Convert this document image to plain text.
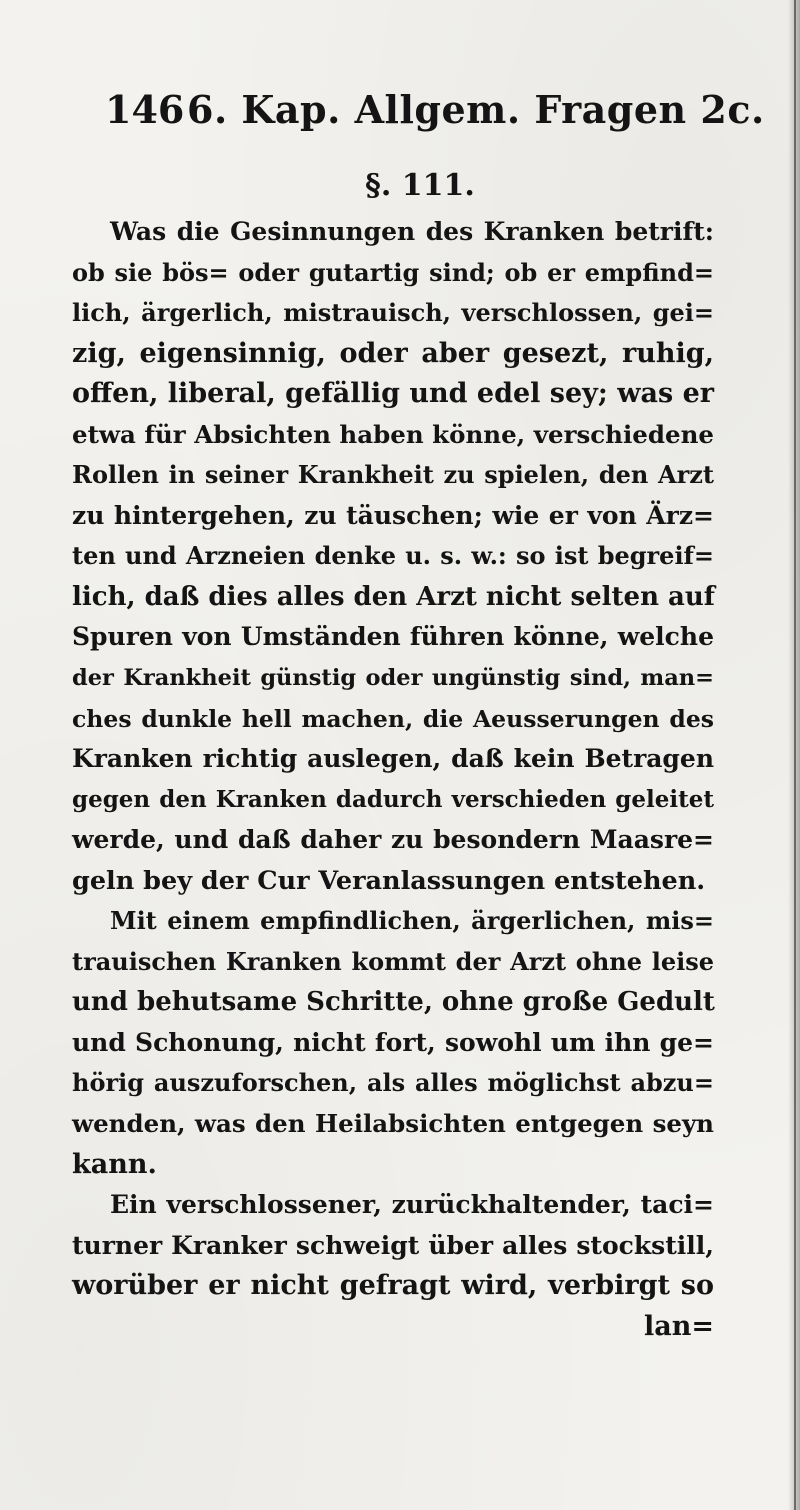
146 6. Kap. Allgem. Fragen 2c.
§. 111.
Was die Gesinnungen des Kranken betrift:
ob sie bös= oder gutartig sind; ob er empfind=
lich, ärgerlich, mistrauisch, verschlossen, gei=
zig, eigensinnig, oder aber gesezt, ruhig,
offen, liberal, gefällig und edel sey; was er
etwa für Absichten haben könne, verschiedene
Rollen in seiner Krankheit zu spielen, den Arzt
zu hintergehen, zu täuschen; wie er von Ärz=
ten und Arzneien denke u. s. w.: so ist begreif=
lich, daß dies alles den Arzt nicht selten auf
Spuren von Umständen führen könne, welche
der Krankheit günstig oder ungünstig sind, man=
ches dunkle hell machen, die Aeusserungen des
Kranken richtig auslegen, daß kein Betragen
gegen den Kranken dadurch verschieden geleitet
werde, und daß daher zu besondern Maasre=
geln bey der Cur Veranlassungen entstehen.
Mit einem empfindlichen, ärgerlichen, mis=
trauischen Kranken kommt der Arzt ohne leise
und behutsame Schritte, ohne große Gedult
und Schonung, nicht fort, sowohl um ihn ge=
hörig auszuforschen, als alles möglichst abzu=
wenden, was den Heilabsichten entgegen seyn
kann.
Ein verschlossener, zurückhaltender, taci=
turner Kranker schweigt über alles stockstill,
worüber er nicht gefragt wird, verbirgt so
lan=
